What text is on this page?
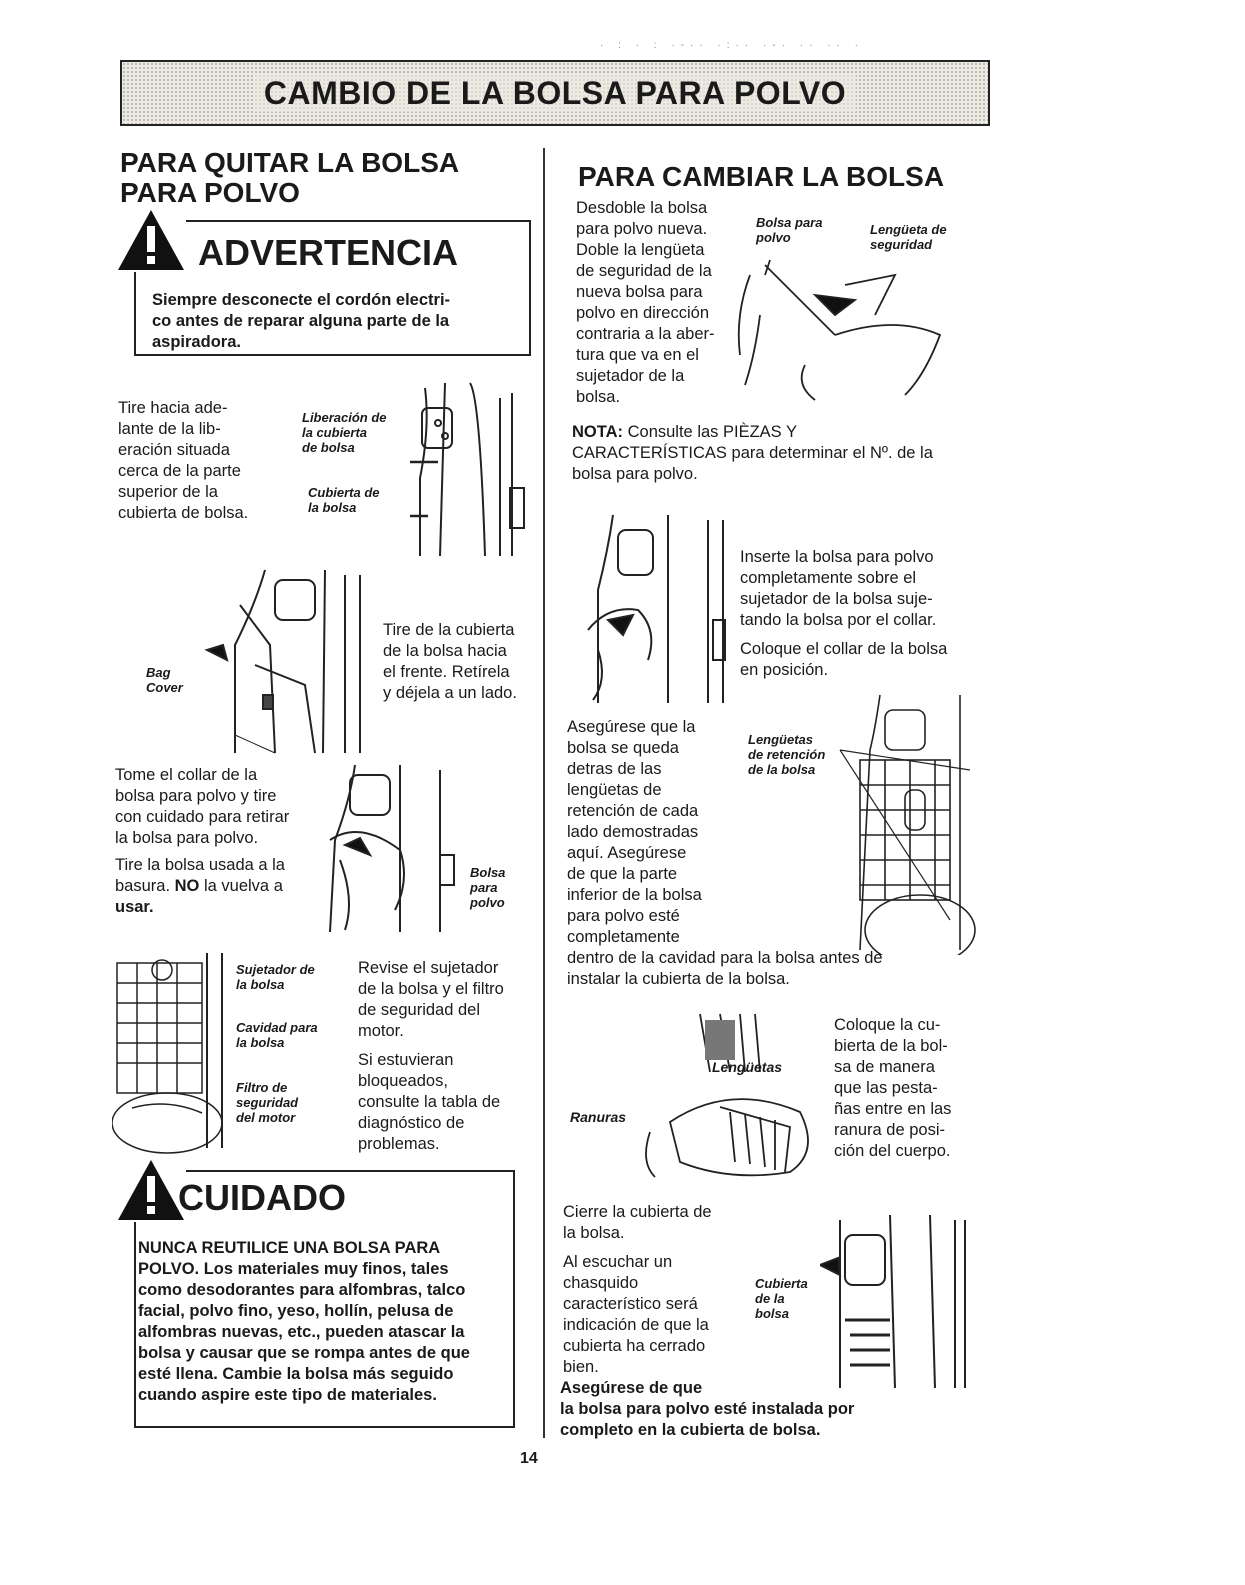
· : · : ·-·· ·:·· ·-· ·· ·· ·
CAMBIO DE LA BOLSA PARA POLVO
PARA QUITAR LA BOLSA
PARA POLVO
ADVERTENCIA
Siempre desconecte el cordón electri-
co antes de reparar alguna parte de la
aspiradora.
Tire hacia ade-
lante de la lib-
eración situada
cerca de la parte
superior de la
cubierta de bolsa.
Liberación de
la cubierta
de bolsa
Cubierta de
la bolsa
Bag
Cover
Tire de la cubierta
de la bolsa hacia
el frente. Retírela
y déjela a un lado.
Tome el collar de la
bolsa para polvo y tire
con cuidado para retirar
la bolsa para polvo.
Tire la bolsa usada a la
basura. NO la vuelva a
usar.
Bolsa
para
polvo
Sujetador de
la bolsa
Cavidad para
la bolsa
Filtro de
seguridad
del motor
Revise el sujetador
de la bolsa y el filtro
de seguridad del
motor.
Si estuvieran
bloqueados,
consulte la tabla de
diagnóstico de
problemas.
CUIDADO
NUNCA REUTILICE UNA BOLSA PARA
POLVO. Los materiales muy finos, tales
como desodorantes para alfombras, talco
facial, polvo fino, yeso, hollín, pelusa de
alfombras nuevas, etc., pueden atascar la
bolsa y causar que se rompa antes de que
esté llena. Cambie la bolsa más seguido
cuando aspire este tipo de materiales.
PARA CAMBIAR LA BOLSA
Desdoble la bolsa
para polvo nueva.
Doble la lengüeta
de seguridad de la
nueva bolsa para
polvo en dirección
contraria a la aber-
tura que va en el
sujetador de la
bolsa.
Bolsa para
polvo
Lengüeta de
seguridad
NOTA: Consulte las PIÈZAS Y
CARACTERÍSTICAS para determinar el Nº. de la
bolsa para polvo.
Inserte la bolsa para polvo
completamente sobre el
sujetador de la bolsa suje-
tando la bolsa por el collar.
Coloque el collar de la bolsa
en posición.
Asegúrese que la
bolsa se queda
detras de las
lengüetas de
retención de cada
lado demostradas
aquí. Asegúrese
de que la parte
inferior de la bolsa
para polvo esté
completamente
dentro de la cavidad para la bolsa antes de
instalar la cubierta de la bolsa.
Lengüetas
de retención
de la bolsa
Lengüetas
Ranuras
Coloque la cu-
bierta de la bol-
sa de manera
que las pesta-
ñas entre en las
ranura de posi-
ción del cuerpo.
Cierre la cubierta de
la bolsa.
Al escuchar un
chasquido
característico será
indicación de que la
cubierta ha cerrado
bien.
Asegúrese de que
la bolsa para polvo esté instalada por
completo en la cubierta de bolsa.
Cubierta
de la
bolsa
14
